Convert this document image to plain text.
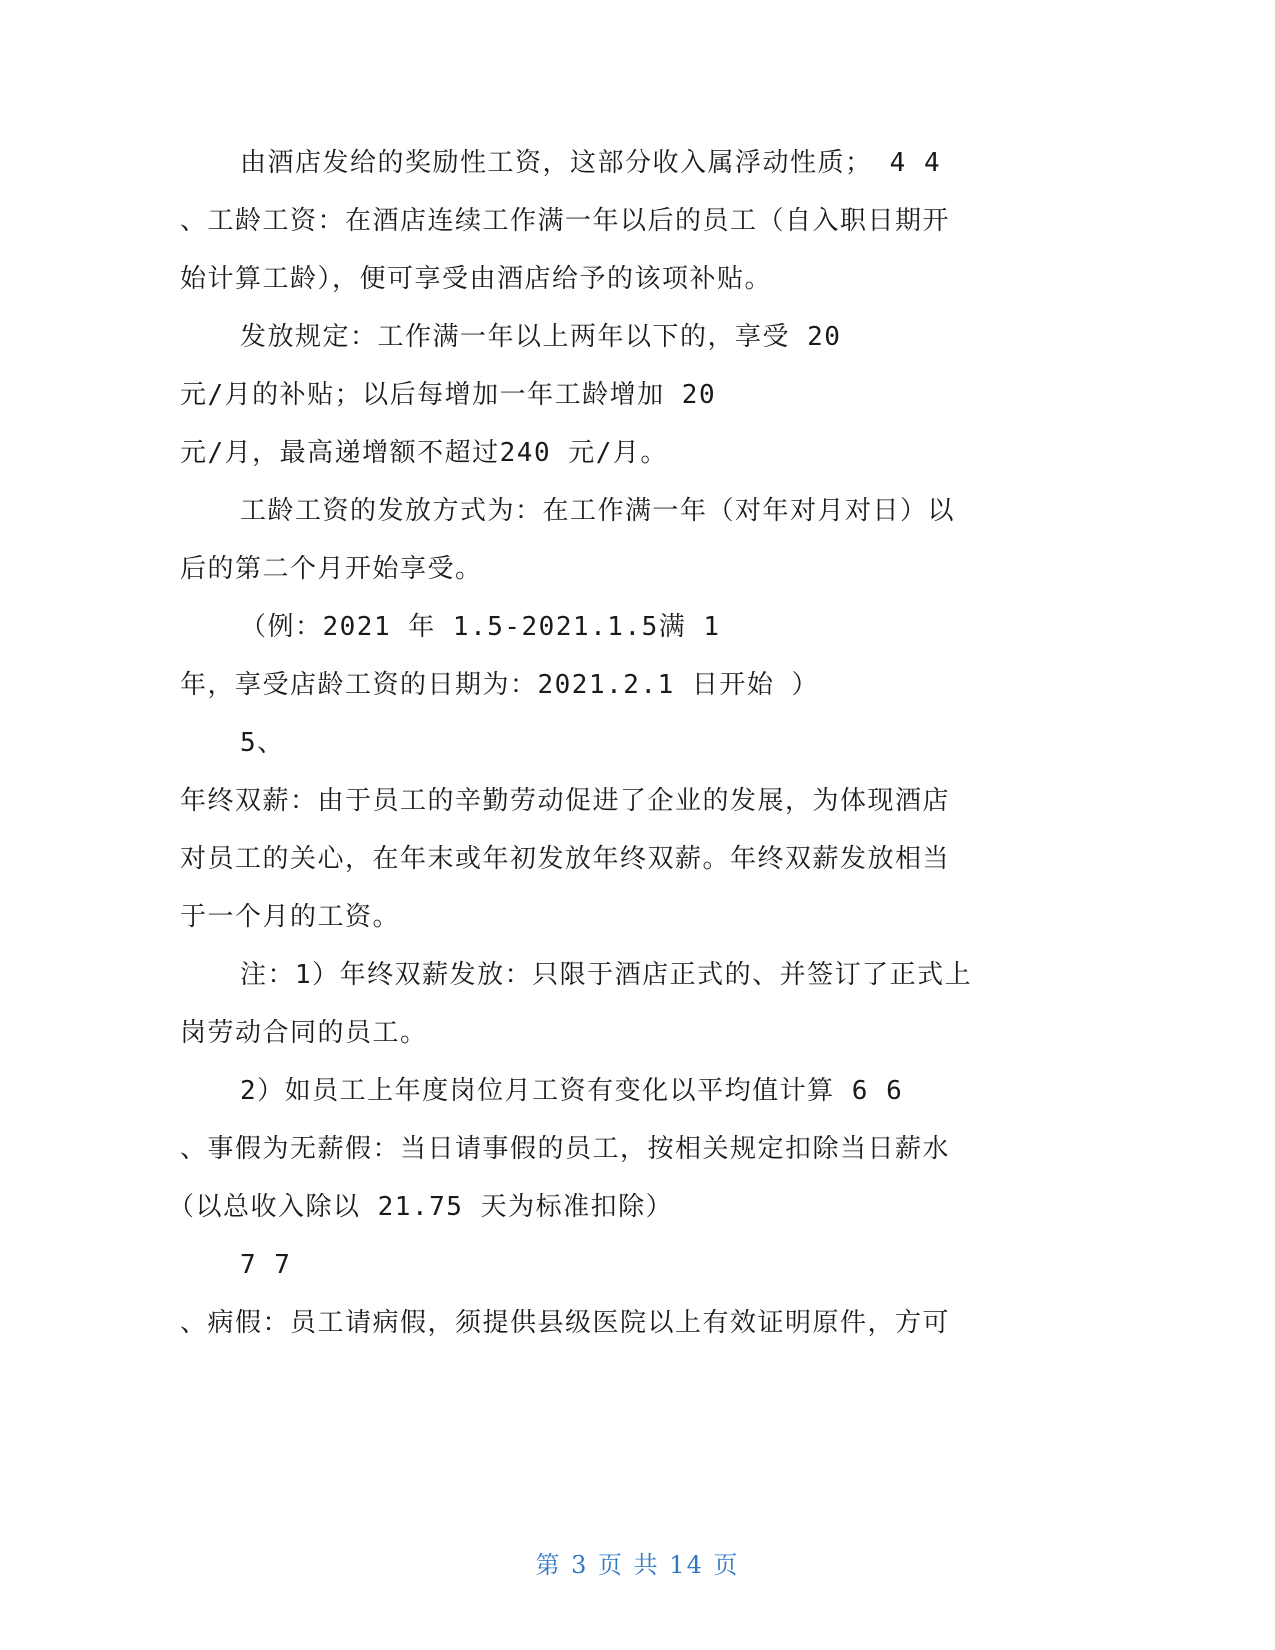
由酒店发给的奖励性工资，这部分收入属浮动性质； 4 4

、工龄工资：在酒店连续工作满一年以后的员工（自入职日期开

始计算工龄），便可享受由酒店给予的该项补贴。

发放规定：工作满一年以上两年以下的，享受 20

元/月的补贴；以后每增加一年工龄增加 20

元/月，最高递增额不超过240 元/月。

工龄工资的发放方式为：在工作满一年（对年对月对日）以

后的第二个月开始享受。

（例：2021 年 1.5-2021.1.5满 1

年，享受店龄工资的日期为：2021.2.1 日开始 ）

5、

年终双薪：由于员工的辛勤劳动促进了企业的发展，为体现酒店

对员工的关心，在年末或年初发放年终双薪。年终双薪发放相当

于一个月的工资。

注：1）年终双薪发放：只限于酒店正式的、并签订了正式上

岗劳动合同的员工。

2）如员工上年度岗位月工资有变化以平均值计算 6 6

、事假为无薪假：当日请事假的员工，按相关规定扣除当日薪水

（以总收入除以 21.75 天为标准扣除）

7 7

、病假：员工请病假，须提供县级医院以上有效证明原件，方可

第 3 页 共 14 页
